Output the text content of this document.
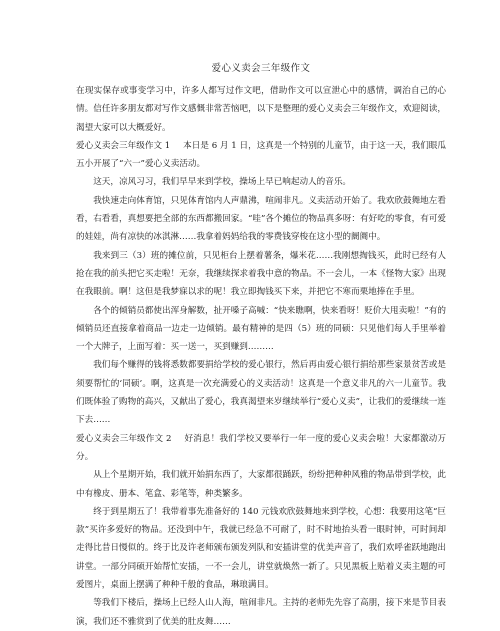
爱心义卖会三年级作文

在现实保存或事变学习中，许多人都写过作文吧，借助作文可以宣泄心中的感情，调治自己的心情。信任许多朋友都对写作文感慨非常苦恼吧，以下是整理的爱心义卖会三年级作文，欢迎阅读，渴望大家可以大概爱好。

爱心义卖会三年级作文 1 本日是 6 月 1 日，这真是一个特别的儿童节，由于这一天，我们眼瓜五小开展了“六一”爱心义卖活动。

这天，凉风习习，我们早早来到学校，操场上早已响起动人的音乐。

我快速走向体育馆，只见体育馆内人声鼎沸，喧闹非凡。义卖活动开始了。我欢欣鼓舞地左看看，右看看，真想要把全部的东西都搬回家。“哇”各个摊位的物品真多呀：有好吃的零食，有可爱的娃娃，尚有凉快的冰淇淋……我拿着妈妈给我的零费钱穿梭在这小型的阛阓中。

我来到三（3）班的摊位前，只见柜台上摆着薯条，爆米花……我刚想掏钱买，此时已经有人抢在我的前头把它买走啦！无奈，我继续探求着我中意的物品。不一会儿，一本《怪物大家》出现在我眼前。啊！这但是我梦寐以求的呢！我立即掏钱买下来，并把它不寒而栗地捧在手里。

各个的倾销员都使出浑身解数，扯开嗓子高喊：“快来瞧啊，快来看呀！贬价大甩卖啦！”有的倾销员还直接拿着商品一边走一边倾销。最有精神的是四（5）班的同硕：只见他们每人手里举着一个大牌子，上面写着：买一送一，买到赚到………

我们每个赚得的钱将悉数都要捐给学校的爱心银行，然后再由爱心银行捐给那些家景贫苦或是须要帮忙的‘同硕’。啊，这真是一次充满爱心的义卖活动！这真是一个意义非凡的六一儿童节。我们既体验了购物的高兴，又献出了爱心，我真渴望来岁继续举行“爱心义卖”，让我们的爱继续一连下去……

爱心义卖会三年级作文 2 好消息！我们学校又要举行一年一度的爱心义卖会啦！大家都激动万分。

从上个星期开始，我们就开始捐东西了，大家都很踊跃，纷纷把种种风雅的物品带到学校，此中有橡皮、册本、笔盒、彩笔等，种类繁多。

终于到星期五了！我带着事先准备好的 140 元钱欢欣鼓舞地来到学校，心想：我要用这笔“巨款”买许多爱好的物品。还没到中午，我就已经急不可耐了，时不时地抬头看一眼时钟，可时间却走得比昔日慢似的。终于比及许老师颁布颁发列队和安插讲堂的优美声音了，我们欢呼雀跃地跑出讲堂。一部分同硕开始帮忙安插，一不一会儿，讲堂就焕然一新了。只见黑板上贴着义卖主题的可爱图片，桌面上摆满了种种千般的食品，琳琅满目。

等我们下楼后，操场上已经人山人海，喧闹非凡。主持的老师先先容了高朋，接下来是节目表演，我们还不雅赏到了优美的肚皮舞……
